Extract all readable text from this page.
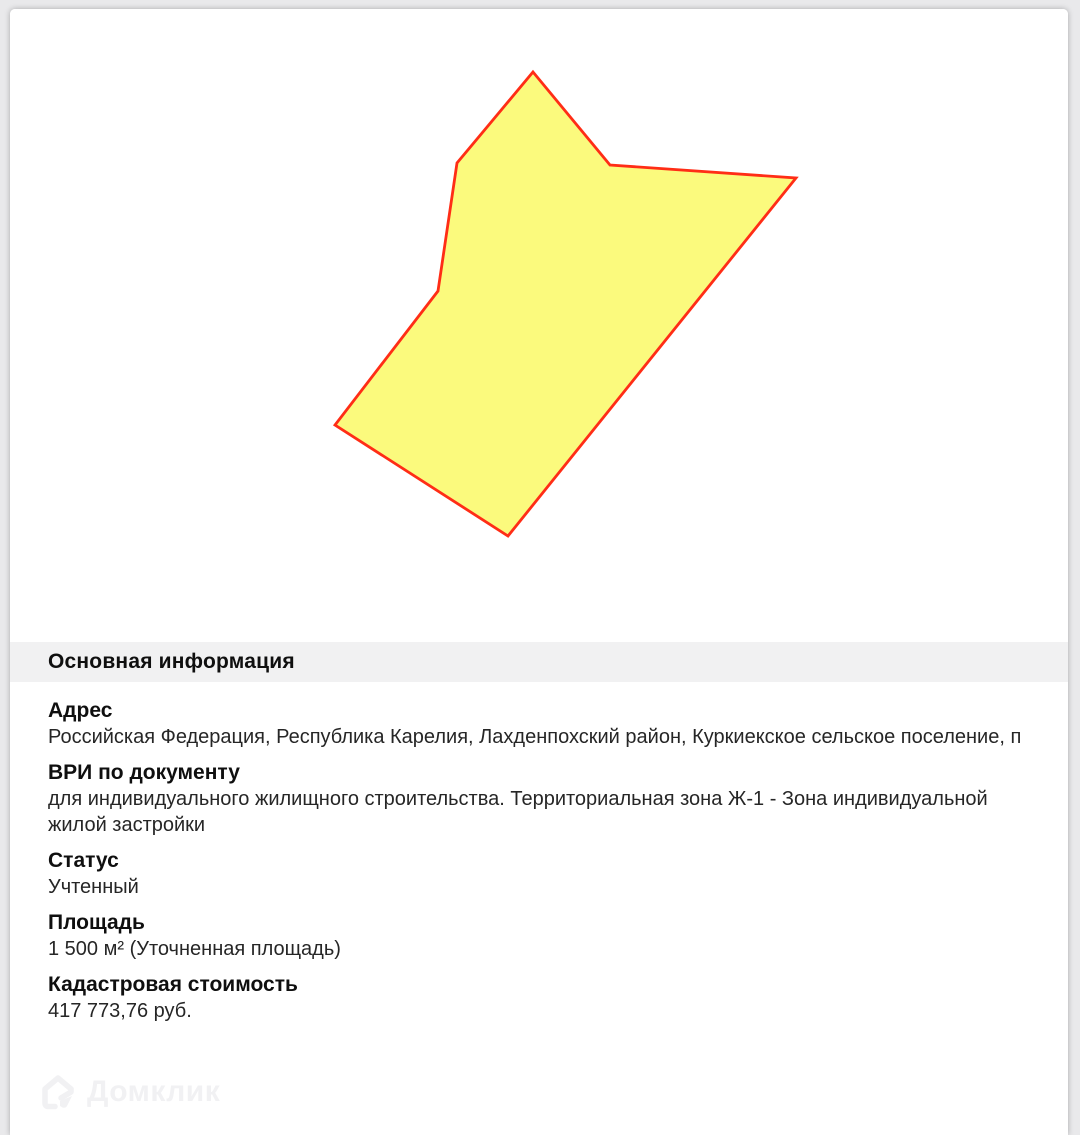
Основная информация
Адрес
Российская Федерация, Республика Карелия, Лахденпохский район, Куркиекское сельское поселение, п
ВРИ по документу
для индивидуального жилищного строительства. Территориальная зона Ж-1 - Зона индивидуальной жилой застройки
Статус
Учтенный
Площадь
1 500 м² (Уточненная площадь)
Кадастровая стоимость
417 773,76 руб.
Домклик
